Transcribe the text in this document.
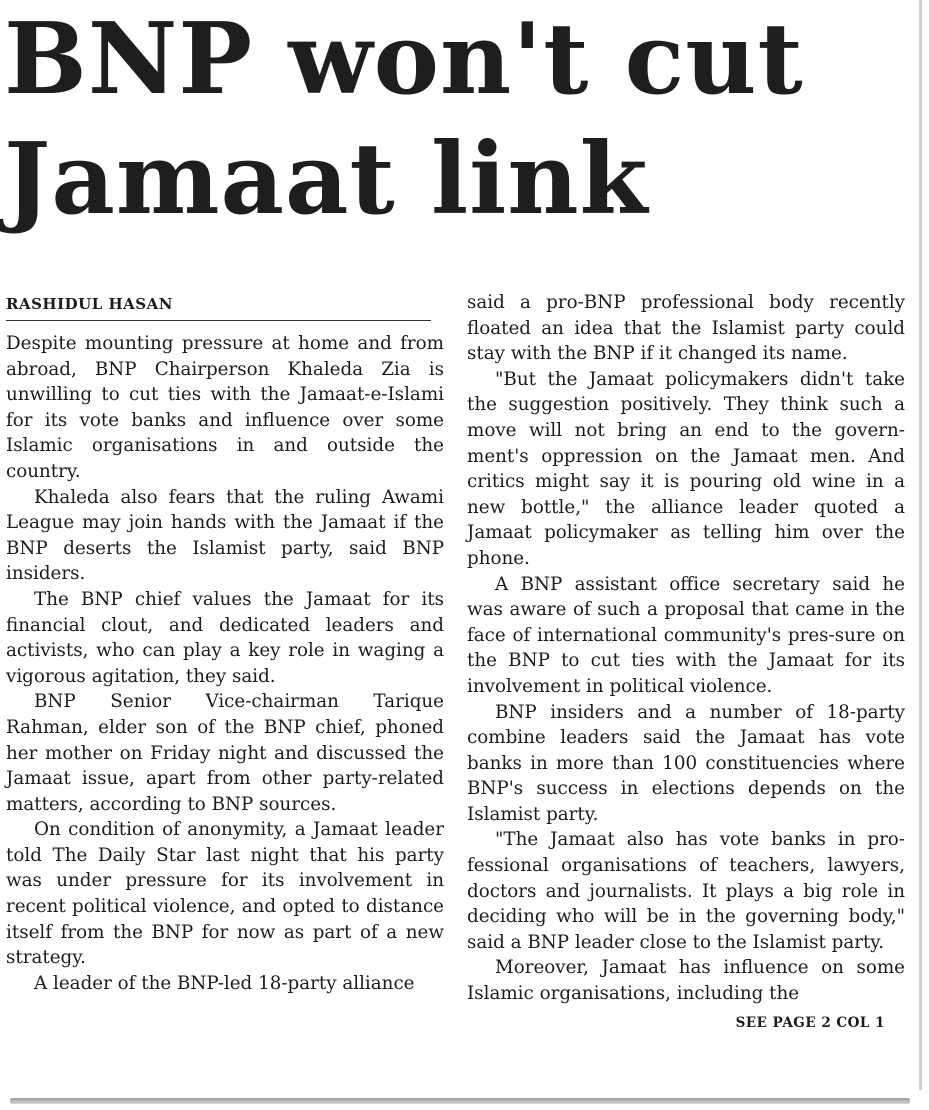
BNP won't cut
Jamaat link
RASHIDUL HASAN

Despite mounting pressure at home and from abroad, BNP Chairperson Khaleda Zia is unwilling to cut ties with the Jamaat-e-Islami for its vote banks and influence over some Islamic organisations in and outside the country.

Khaleda also fears that the ruling Awami League may join hands with the Jamaat if the BNP deserts the Islamist party, said BNP insiders.

The BNP chief values the Jamaat for its financial clout, and dedicated leaders and activists, who can play a key role in waging a vigorous agitation, they said.

BNP Senior Vice-chairman Tarique Rahman, elder son of the BNP chief, phoned her mother on Friday night and discussed the Jamaat issue, apart from other party-related matters, according to BNP sources.

On condition of anonymity, a Jamaat leader told The Daily Star last night that his party was under pressure for its involvement in recent political violence, and opted to distance itself from the BNP for now as part of a new strategy.

A leader of the BNP-led 18-party alliance

said a pro-BNP professional body recently floated an idea that the Islamist party could stay with the BNP if it changed its name.

"But the Jamaat policymakers didn't take the suggestion positively. They think such a move will not bring an end to the govern-ment's oppression on the Jamaat men. And critics might say it is pouring old wine in a new bottle," the alliance leader quoted a Jamaat policymaker as telling him over the phone.

A BNP assistant office secretary said he was aware of such a proposal that came in the face of international community's pres-sure on the BNP to cut ties with the Jamaat for its involvement in political violence.

BNP insiders and a number of 18-party combine leaders said the Jamaat has vote banks in more than 100 constituencies where BNP's success in elections depends on the Islamist party.

"The Jamaat also has vote banks in pro-fessional organisations of teachers, lawyers, doctors and journalists. It plays a big role in deciding who will be in the governing body," said a BNP leader close to the Islamist party.

Moreover, Jamaat has influence on some Islamic organisations, including the

SEE PAGE 2 COL 1
